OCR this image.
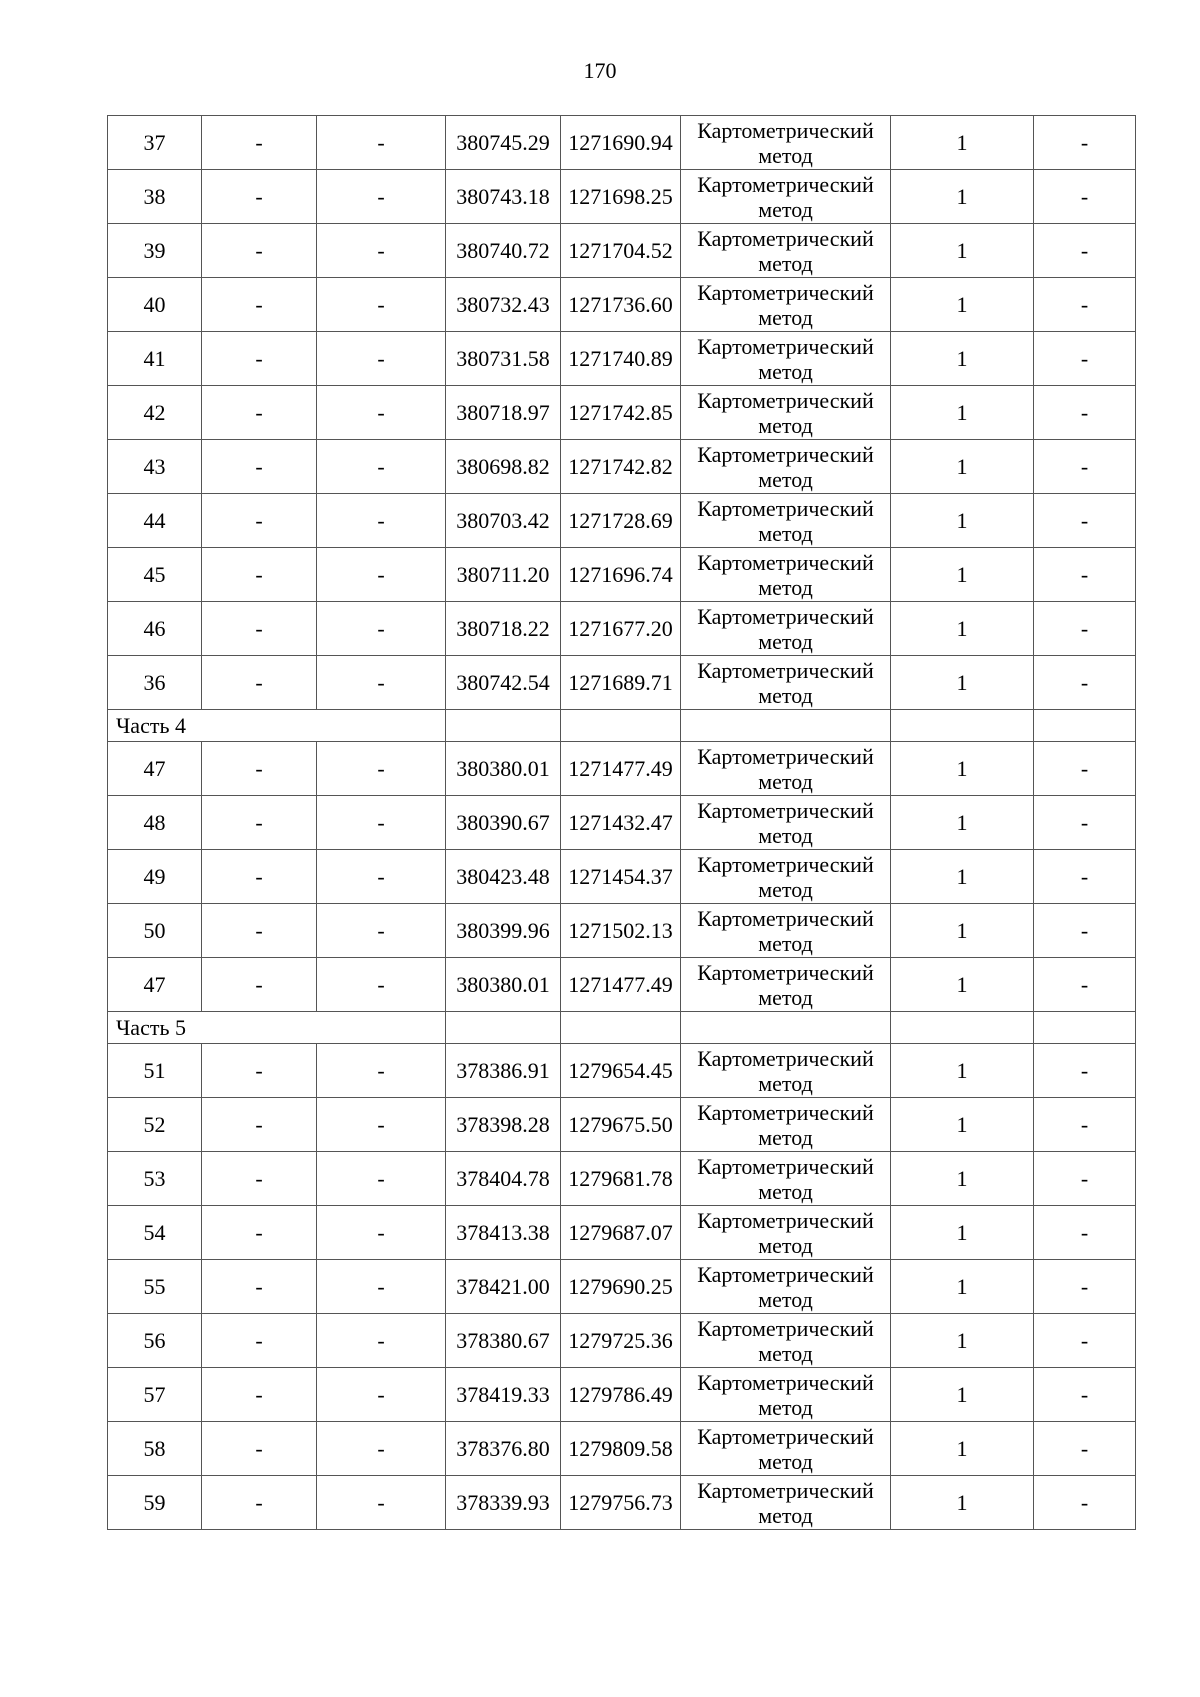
170
37	-	-	380745.29	1271690.94	Картометрический метод	1	-
38	-	-	380743.18	1271698.25	Картометрический метод	1	-
39	-	-	380740.72	1271704.52	Картометрический метод	1	-
40	-	-	380732.43	1271736.60	Картометрический метод	1	-
41	-	-	380731.58	1271740.89	Картометрический метод	1	-
42	-	-	380718.97	1271742.85	Картометрический метод	1	-
43	-	-	380698.82	1271742.82	Картометрический метод	1	-
44	-	-	380703.42	1271728.69	Картометрический метод	1	-
45	-	-	380711.20	1271696.74	Картометрический метод	1	-
46	-	-	380718.22	1271677.20	Картометрический метод	1	-
36	-	-	380742.54	1271689.71	Картометрический метод	1	-
Часть 4							
47	-	-	380380.01	1271477.49	Картометрический метод	1	-
48	-	-	380390.67	1271432.47	Картометрический метод	1	-
49	-	-	380423.48	1271454.37	Картометрический метод	1	-
50	-	-	380399.96	1271502.13	Картометрический метод	1	-
47	-	-	380380.01	1271477.49	Картометрический метод	1	-
Часть 5							
51	-	-	378386.91	1279654.45	Картометрический метод	1	-
52	-	-	378398.28	1279675.50	Картометрический метод	1	-
53	-	-	378404.78	1279681.78	Картометрический метод	1	-
54	-	-	378413.38	1279687.07	Картометрический метод	1	-
55	-	-	378421.00	1279690.25	Картометрический метод	1	-
56	-	-	378380.67	1279725.36	Картометрический метод	1	-
57	-	-	378419.33	1279786.49	Картометрический метод	1	-
58	-	-	378376.80	1279809.58	Картометрический метод	1	-
59	-	-	378339.93	1279756.73	Картометрический метод	1	-
